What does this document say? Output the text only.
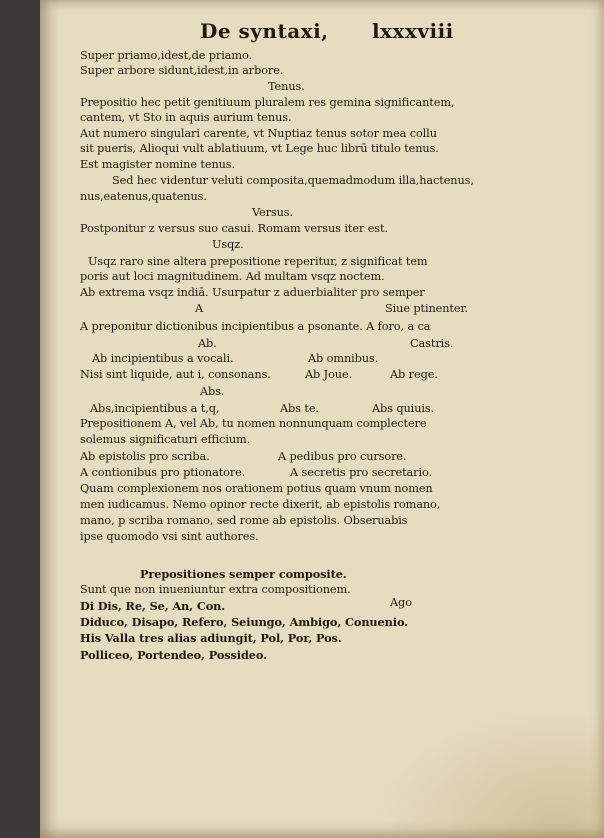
De syntaxi, lxxxviii
Super priamo,idest,de priamo.
Super arbore sidunt,idest,in arbore.
Tenus.
Prepositio hec petit genitiuum pluralem res gemina significantem,
cantem, vt Sto in aquis aurium tenus.
Aut numero singulari carente, vt Nuptiaz tenus sotor mea collu
sit pueris, Alioqui vult ablatiuum, vt Lege huc librū titulo tenus.
Est magister nomine tenus.
Sed hec videntur veluti composita,quemadmodum illa,hactenus,
nus,eatenus,quatenus.
Versus.
Postponitur z versus suo casui. Romam versus iter est.
Usqz.
Usqz raro sine altera prepositione reperitur, z significat tem
poris aut loci magnitudinem. Ad multam vsqz noctem.
Ab extrema vsqz indiā. Usurpatur z aduerbialiter pro semper
A	Siue ptinenter.
A preponitur dictionibus incipientibus a psonante. A foro, a ca
Ab.	Castris.
Ab incipientibus a vocali.	Ab omnibus.
Nisi sint liquide, aut i, consonans.	Ab Joue.	Ab rege.
Abs.
Abs,incipientibus a t,q,	Abs te.	Abs quiuis.
Prepositionem A, vel Ab, tu nomen nonnunquam complectere
solemus significaturi efficium.
Ab epistolis pro scriba.	A pedibus pro cursore.
A contionibus pro ptionatore.	A secretis pro secretario.
Quam complexionem nos orationem potius quam vnum nomen
men iudicamus. Nemo opinor recte dixerit, ab epistolis romano,
mano, p scriba romano, sed rome ab epistolis. Obseruabis
ipse quomodo vsi sint authores.
Prepositiones semper composite.
Sunt que non inueniuntur extra compositionem.
Di Dis, Re, Se, An, Con.	Ago
Diduco, Disapo, Refero, Seiungo, Ambigo, Conuenio.
His Valla tres alias adiungit, Pol, Por, Pos.
Polliceo, Portendeo, Possideo.
